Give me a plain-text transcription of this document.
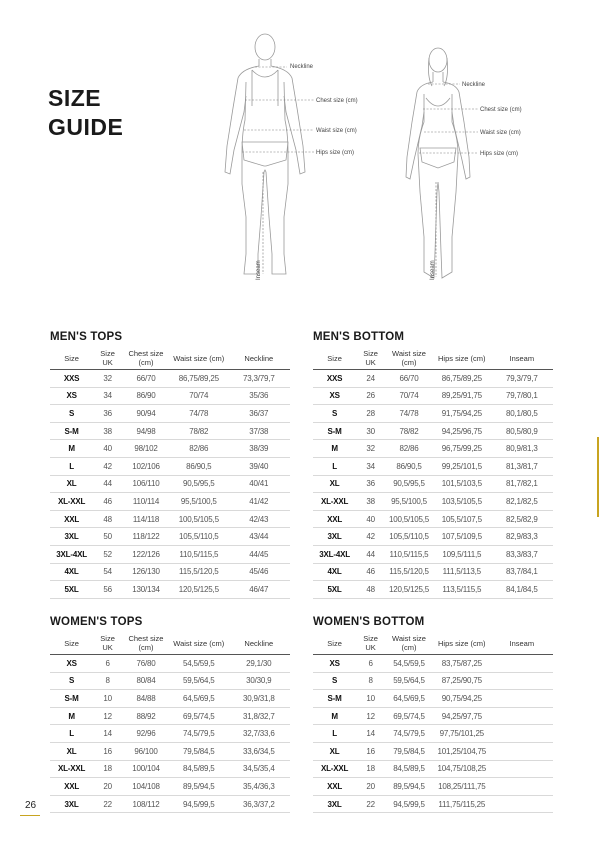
SIZE
GUIDE
Neckline
Chest size (cm)
Waist size (cm)
Hips size (cm)
Inseam
Neckline
Chest size (cm)
Waist size (cm)
Hips size (cm)
Inseam
MEN'S TOPS
Size	Size UK	Chest size (cm)	Waist size (cm)	Neckline
XXS	32	66/70	86,75/89,25	73,3/79,7
XS	34	86/90	70/74	35/36
S	36	90/94	74/78	36/37
S-M	38	94/98	78/82	37/38
M	40	98/102	82/86	38/39
L	42	102/106	86/90,5	39/40
XL	44	106/110	90,5/95,5	40/41
XL-XXL	46	110/114	95,5/100,5	41/42
XXL	48	114/118	100,5/105,5	42/43
3XL	50	118/122	105,5/110,5	43/44
3XL-4XL	52	122/126	110,5/115,5	44/45
4XL	54	126/130	115,5/120,5	45/46
5XL	56	130/134	120,5/125,5	46/47
MEN'S BOTTOM
Size	Size UK	Waist size (cm)	Hips size (cm)	Inseam
XXS	24	66/70	86,75/89,25	79,3/79,7
XS	26	70/74	89,25/91,75	79,7/80,1
S	28	74/78	91,75/94,25	80,1/80,5
S-M	30	78/82	94,25/96,75	80,5/80,9
M	32	82/86	96,75/99,25	80,9/81,3
L	34	86/90,5	99,25/101,5	81,3/81,7
XL	36	90,5/95,5	101,5/103,5	81,7/82,1
XL-XXL	38	95,5/100,5	103,5/105,5	82,1/82,5
XXL	40	100,5/105,5	105,5/107,5	82,5/82,9
3XL	42	105,5/110,5	107,5/109,5	82,9/83,3
3XL-4XL	44	110,5/115,5	109,5/111,5	83,3/83,7
4XL	46	115,5/120,5	111,5/113,5	83,7/84,1
5XL	48	120,5/125,5	113,5/115,5	84,1/84,5
WOMEN'S TOPS
Size	Size UK	Chest size (cm)	Waist size (cm)	Neckline
XS	6	76/80	54,5/59,5	29,1/30
S	8	80/84	59,5/64,5	30/30,9
S-M	10	84/88	64,5/69,5	30,9/31,8
M	12	88/92	69,5/74,5	31,8/32,7
L	14	92/96	74,5/79,5	32,7/33,6
XL	16	96/100	79,5/84,5	33,6/34,5
XL-XXL	18	100/104	84,5/89,5	34,5/35,4
XXL	20	104/108	89,5/94,5	35,4/36,3
3XL	22	108/112	94,5/99,5	36,3/37,2
WOMEN'S BOTTOM
Size	Size UK	Waist size (cm)	Hips size (cm)	Inseam
XS	6	54,5/59,5	83,75/87,25	
S	8	59,5/64,5	87,25/90,75	
S-M	10	64,5/69,5	90,75/94,25	
M	12	69,5/74,5	94,25/97,75	
L	14	74,5/79,5	97,75/101,25	
XL	16	79,5/84,5	101,25/104,75	
XL-XXL	18	84,5/89,5	104,75/108,25	
XXL	20	89,5/94,5	108,25/111,75	
3XL	22	94,5/99,5	111,75/115,25	
26
